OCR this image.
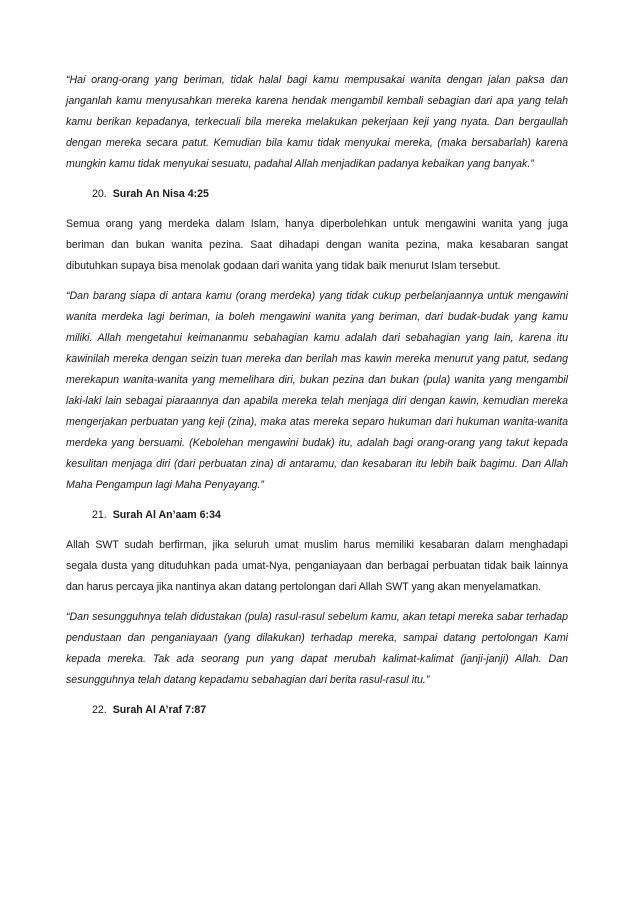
“Hai orang-orang yang beriman, tidak halal bagi kamu mempusakai wanita dengan jalan paksa dan janganlah kamu menyusahkan mereka karena hendak mengambil kembali sebagian dari apa yang telah kamu berikan kepadanya, terkecuali bila mereka melakukan pekerjaan keji yang nyata. Dan bergaullah dengan mereka secara patut. Kemudian bila kamu tidak menyukai mereka, (maka bersabarlah) karena mungkin kamu tidak menyukai sesuatu, padahal Allah menjadikan padanya kebaikan yang banyak.”

20. Surah An Nisa 4:25

Semua orang yang merdeka dalam Islam, hanya diperbolehkan untuk mengawini wanita yang juga beriman dan bukan wanita pezina. Saat dihadapi dengan wanita pezina, maka kesabaran sangat dibutuhkan supaya bisa menolak godaan dari wanita yang tidak baik menurut Islam tersebut.

“Dan barang siapa di antara kamu (orang merdeka) yang tidak cukup perbelanjaannya untuk mengawini wanita merdeka lagi beriman, ia boleh mengawini wanita yang beriman, dari budak-budak yang kamu miliki. Allah mengetahui keimananmu sebahagian kamu adalah dari sebahagian yang lain, karena itu kawinilah mereka dengan seizin tuan mereka dan berilah mas kawin mereka menurut yang patut, sedang merekapun wanita-wanita yang memelihara diri, bukan pezina dan bukan (pula) wanita yang mengambil laki-laki lain sebagai piaraannya dan apabila mereka telah menjaga diri dengan kawin, kemudian mereka mengerjakan perbuatan yang keji (zina), maka atas mereka separo hukuman dari hukuman wanita-wanita merdeka yang bersuami. (Kebolehan mengawini budak) itu, adalah bagi orang-orang yang takut kepada kesulitan menjaga diri (dari perbuatan zina) di antaramu, dan kesabaran itu lebih baik bagimu. Dan Allah Maha Pengampun lagi Maha Penyayang.”

21. Surah Al An’aam 6:34

Allah SWT sudah berfirman, jika seluruh umat muslim harus memiliki kesabaran dalam menghadapi segala dusta yang dituduhkan pada umat-Nya, penganiayaan dan berbagai perbuatan tidak baik lainnya dan harus percaya jika nantinya akan datang pertolongan dari Allah SWT yang akan menyelamatkan.

“Dan sesungguhnya telah didustakan (pula) rasul-rasul sebelum kamu, akan tetapi mereka sabar terhadap pendustaan dan penganiayaan (yang dilakukan) terhadap mereka, sampai datang pertolongan Kami kepada mereka. Tak ada seorang pun yang dapat merubah kalimat-kalimat (janji-janji) Allah. Dan sesungguhnya telah datang kepadamu sebahagian dari berita rasul-rasul itu.”

22. Surah Al A’raf 7:87
